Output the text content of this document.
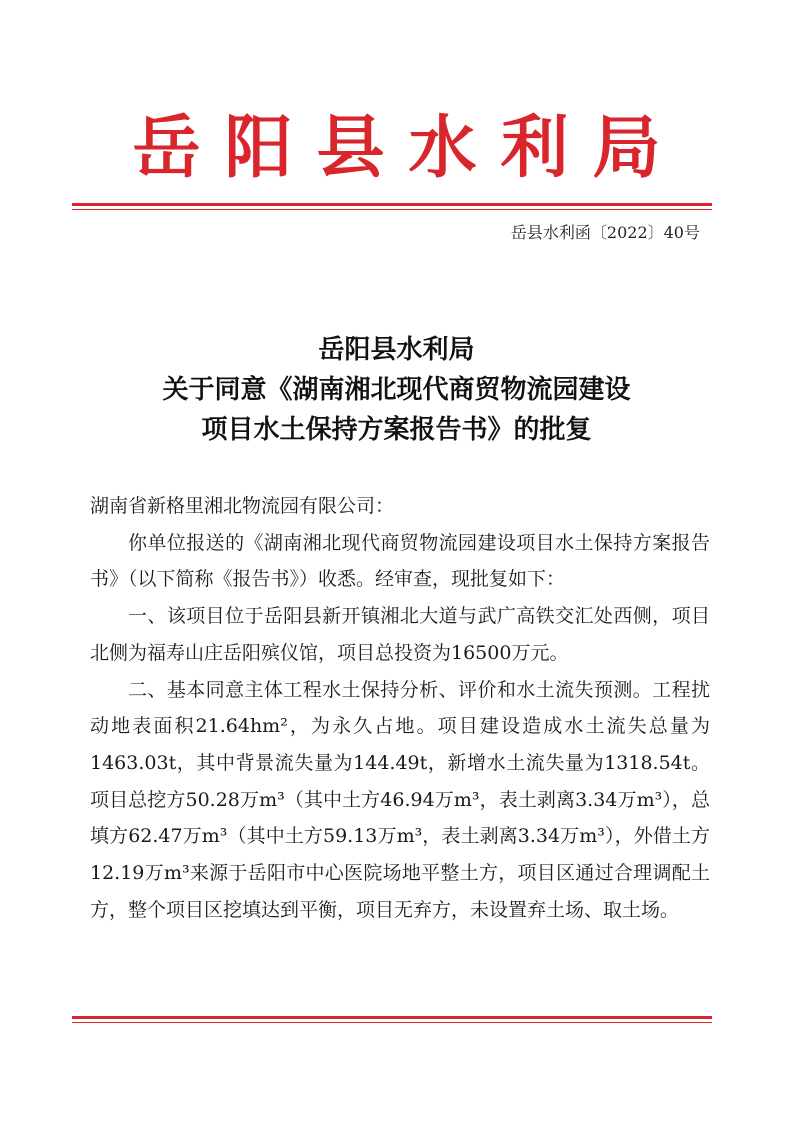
岳阳县水利局
岳县水利函〔2022〕40号
岳阳县水利局
关于同意《湖南湘北现代商贸物流园建设
项目水土保持方案报告书》的批复

湖南省新格里湘北物流园有限公司：

你单位报送的《湖南湘北现代商贸物流园建设项目水土保持方案报告书》（以下简称《报告书》）收悉。经审查，现批复如下：

一、该项目位于岳阳县新开镇湘北大道与武广高铁交汇处西侧，项目北侧为福寿山庄岳阳殡仪馆，项目总投资为16500万元。

二、基本同意主体工程水土保持分析、评价和水土流失预测。工程扰动地表面积21.64hm²，为永久占地。项目建设造成水土流失总量为1463.03t，其中背景流失量为144.49t，新增水土流失量为1318.54t。项目总挖方50.28万m³（其中土方46.94万m³，表土剥离3.34万m³），总填方62.47万m³（其中土方59.13万m³，表土剥离3.34万m³），外借土方12.19万m³来源于岳阳市中心医院场地平整土方，项目区通过合理调配土方，整个项目区挖填达到平衡，项目无弃方，未设置弃土场、取土场。
